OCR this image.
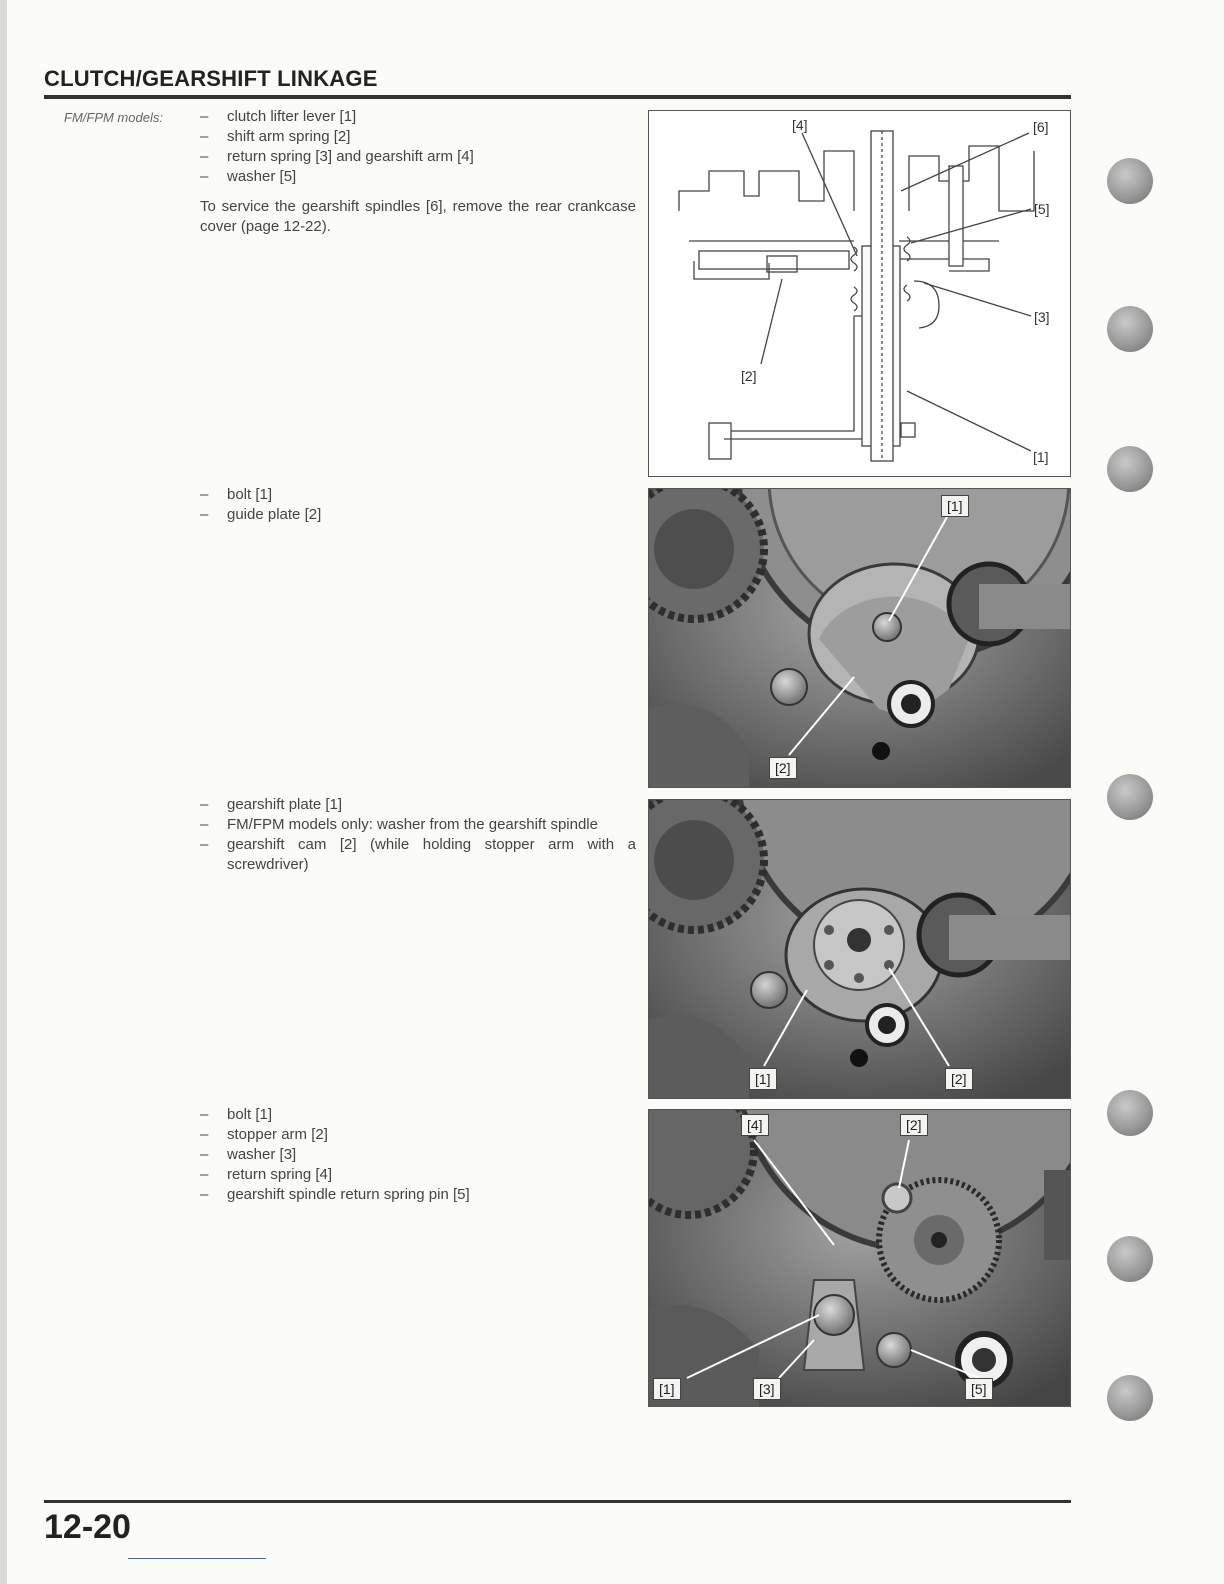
CLUTCH/GEARSHIFT LINKAGE
FM/FPM models:
–	clutch lifter lever [1]
– shift arm spring [2]
– return spring [3] and gearshift arm [4]
– washer [5]
To service the gearshift spindles [6], remove the rear crankcase cover (page 12-22).
[4]	[6]
[5]
[3]
[2]
[1]
– bolt [1]
– guide plate [2]	[1]
[2]
– gearshift plate [1]
– FM/FPM models only: washer from the gearshift spindle
– gearshift cam [2] (while holding stopper arm with a screwdriver)
[1]	[2]
– bolt [1]
– stopper arm [2]
– washer [3]
– return spring [4]
– gearshift spindle return spring pin [5]
[4]	[2]
[1]	[3]	[5]
12-20
